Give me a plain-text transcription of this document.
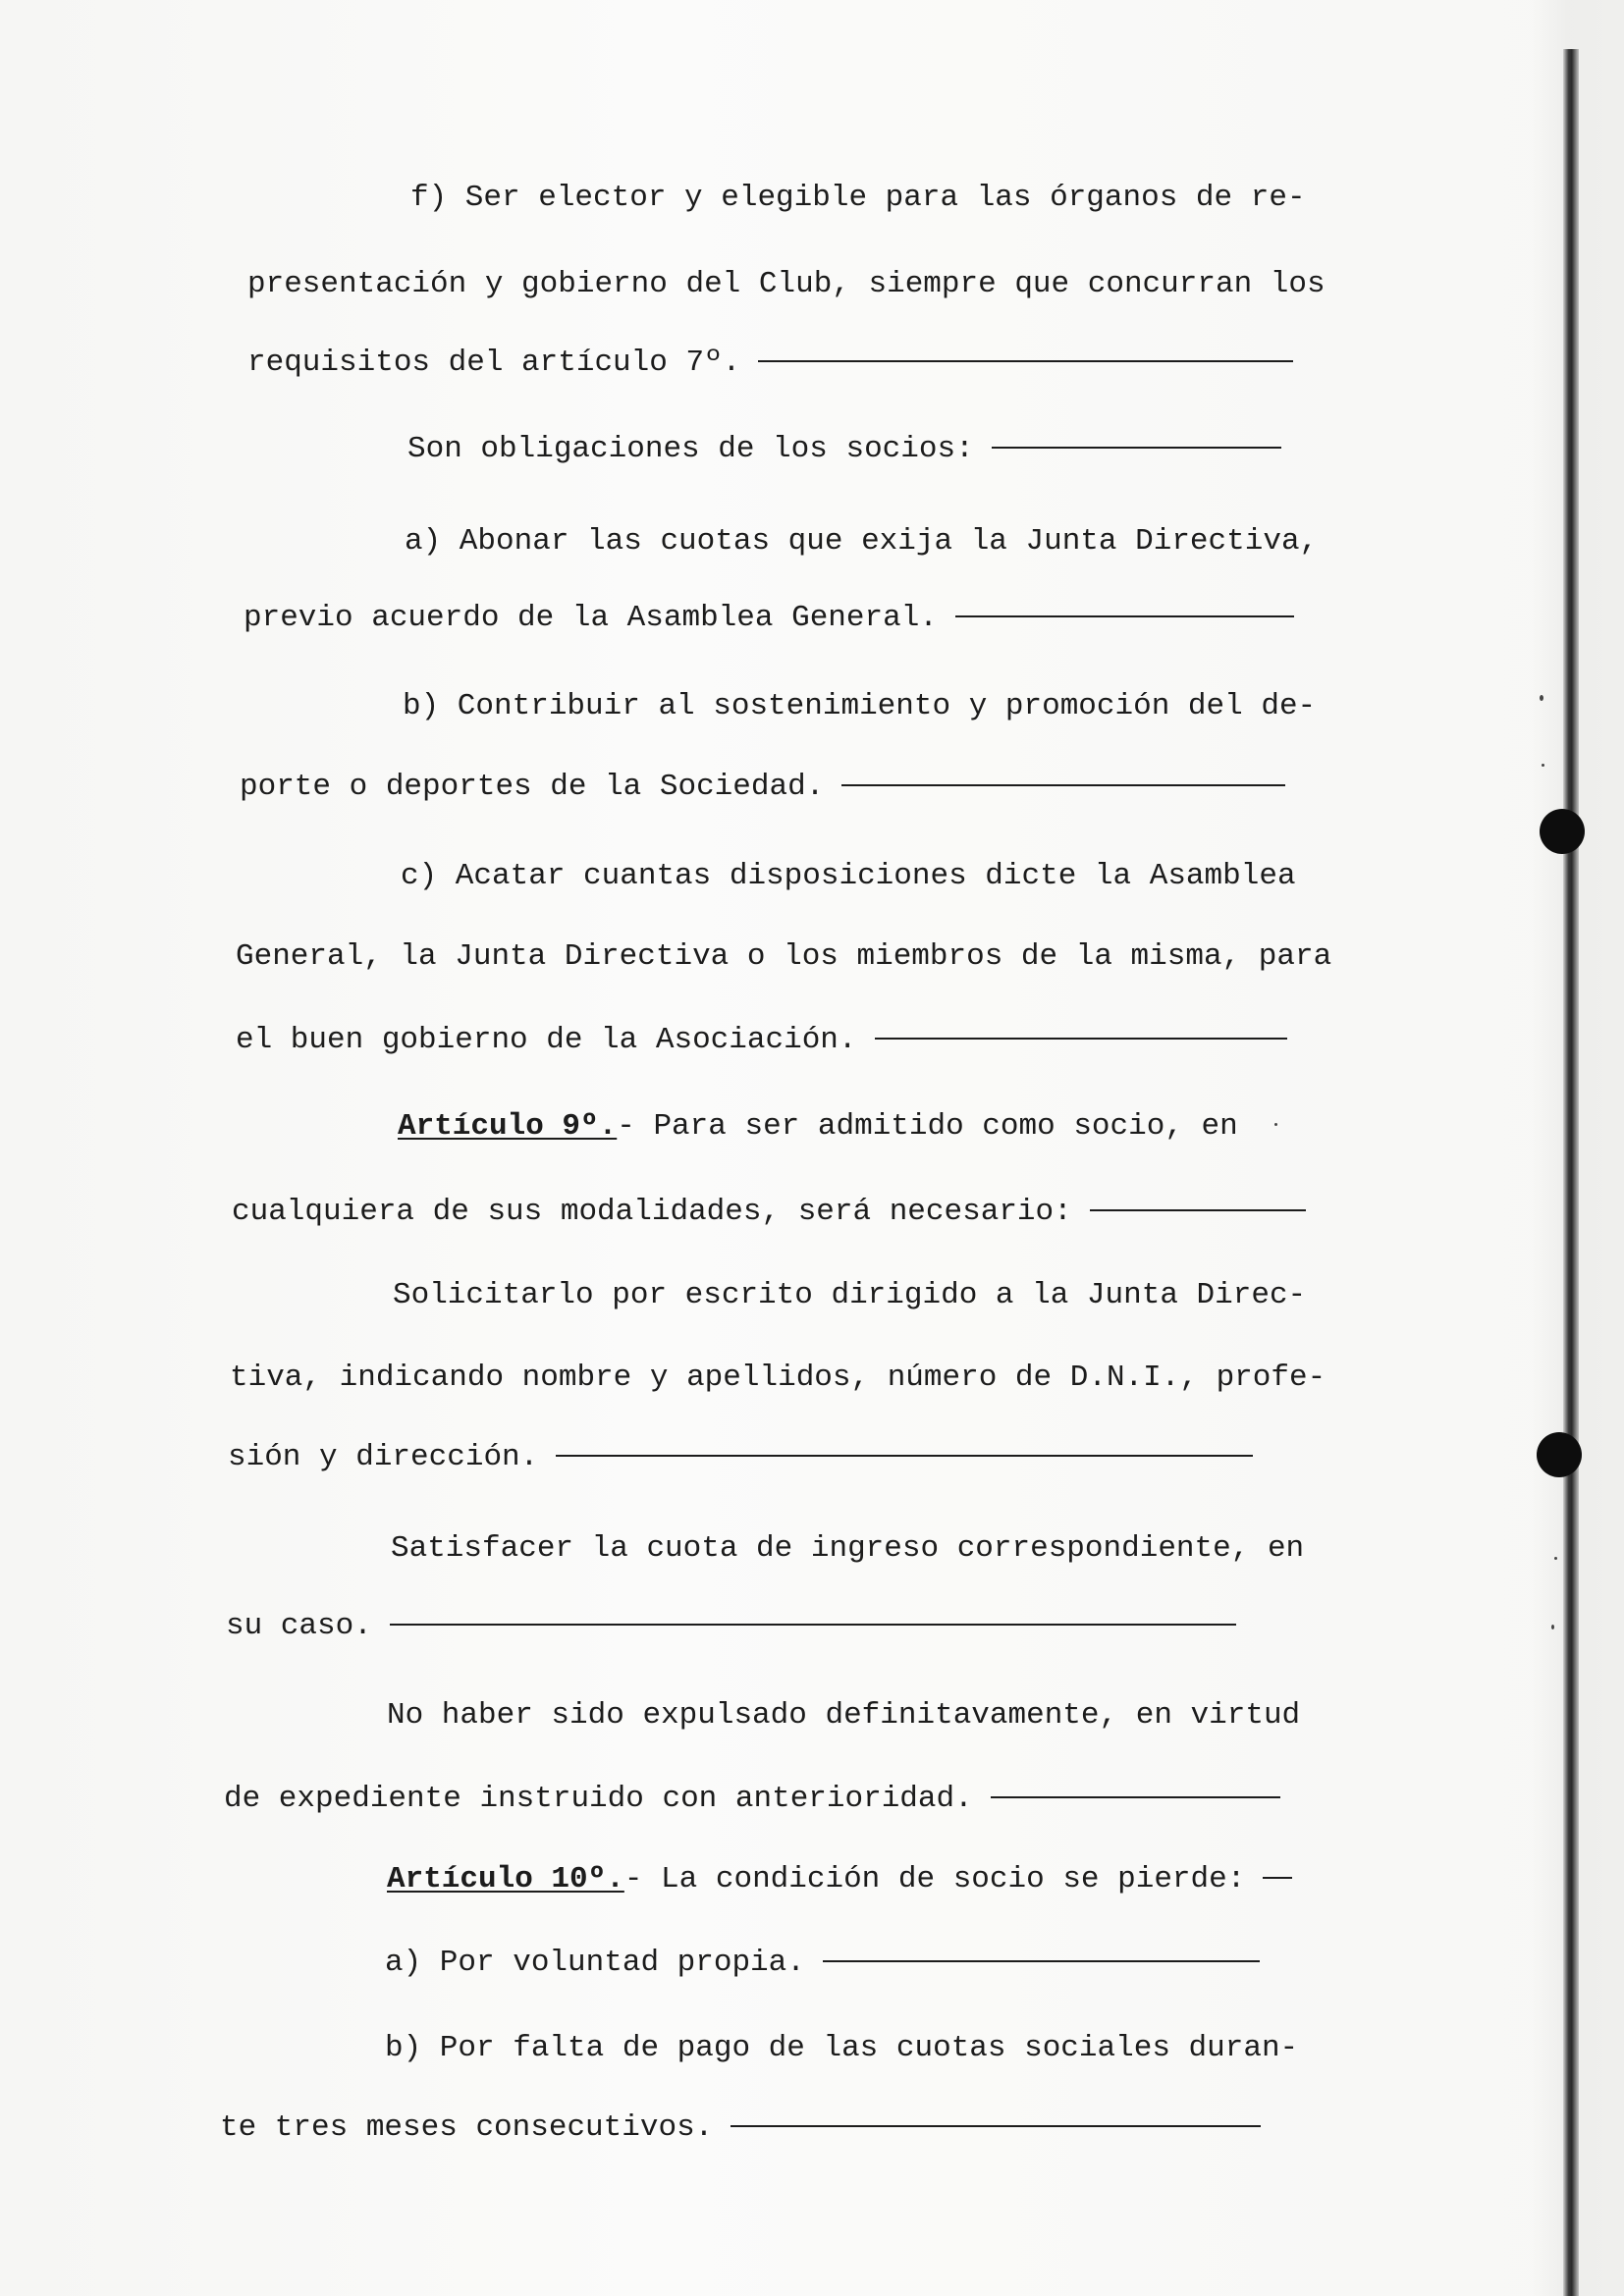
f) Ser elector y elegible para las órganos de re-
presentación y gobierno del Club, siempre que concurran los
requisitos del artículo 7º.
Son obligaciones de los socios:
a) Abonar las cuotas que exija la Junta Directiva,
previo acuerdo de la Asamblea General.
b) Contribuir al sostenimiento y promoción del de-
porte o deportes de la Sociedad.
c) Acatar cuantas disposiciones dicte la Asamblea
General, la Junta Directiva o los miembros de la misma, para
el buen gobierno de la Asociación.
Artículo 9º. - Para ser admitido como socio, en
cualquiera de sus modalidades, será necesario:
Solicitarlo por escrito dirigido a la Junta Direc-
tiva, indicando nombre y apellidos, número de D.N.I., profe-
sión y dirección.
Satisfacer la cuota de ingreso correspondiente, en
su caso.
No haber sido expulsado definitavamente, en virtud
de expediente instruido con anterioridad.
Artículo 10º. - La condición de socio se pierde:
a) Por voluntad propia.
b) Por falta de pago de las cuotas sociales duran-
te tres meses consecutivos.
